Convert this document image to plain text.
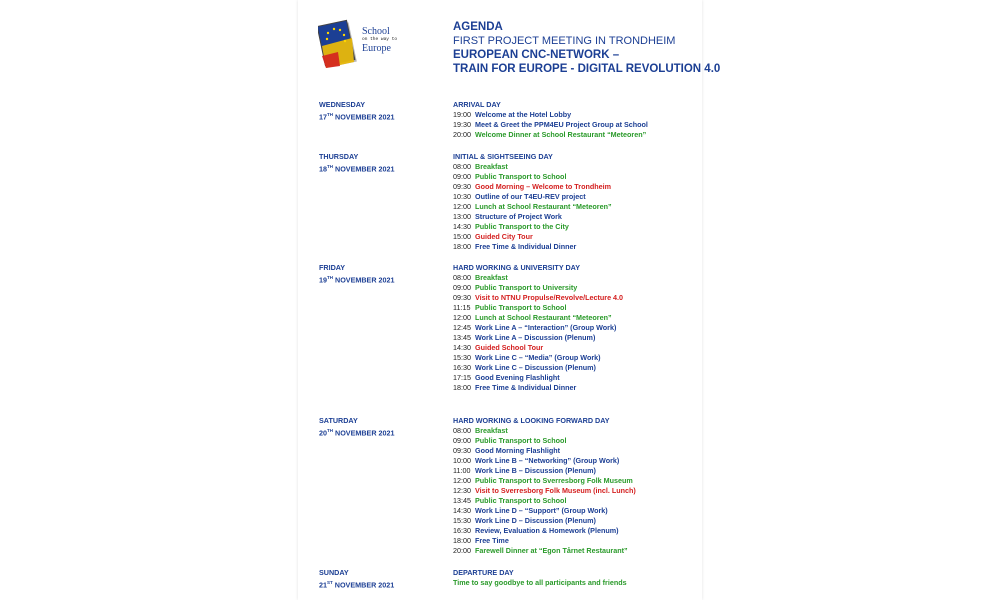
School
on the way to
Europe
AGENDA
FIRST PROJECT MEETING IN TRONDHEIM
EUROPEAN CNC-NETWORK –
TRAIN FOR EUROPE - DIGITAL REVOLUTION 4.0
WEDNESDAY
17TH NOVEMBER 2021
ARRIVAL DAY
19:00 Welcome at the Hotel Lobby
19:30 Meet & Greet the PPM4EU Project Group at School
20:00 Welcome Dinner at School Restaurant “Meteoren”
THURSDAY
18TH NOVEMBER 2021
INITIAL & SIGHTSEEING DAY
08:00 Breakfast
09:00 Public Transport to School
09:30 Good Morning – Welcome to Trondheim
10:30 Outline of our T4EU-REV project
12:00 Lunch at School Restaurant “Meteoren”
13:00 Structure of Project Work
14:30 Public Transport to the City
15:00 Guided City Tour
18:00 Free Time & Individual Dinner
FRIDAY
19TH NOVEMBER 2021
HARD WORKING & UNIVERSITY DAY
08:00 Breakfast
09:00 Public Transport to University
09:30 Visit to NTNU Propulse/Revolve/Lecture 4.0
11:15 Public Transport to School
12:00 Lunch at School Restaurant “Meteoren”
12:45 Work Line A – “Interaction” (Group Work)
13:45 Work Line A – Discussion (Plenum)
14:30 Guided School Tour
15:30 Work Line C – “Media” (Group Work)
16:30 Work Line C – Discussion (Plenum)
17:15 Good Evening Flashlight
18:00 Free Time & Individual Dinner
SATURDAY
20TH NOVEMBER 2021
HARD WORKING & LOOKING FORWARD DAY
08:00 Breakfast
09:00 Public Transport to School
09:30 Good Morning Flashlight
10:00 Work Line B – “Networking” (Group Work)
11:00 Work Line B – Discussion (Plenum)
12:00 Public Transport to Sverresborg Folk Museum
12:30 Visit to Sverresborg Folk Museum (incl. Lunch)
13:45 Public Transport to School
14:30 Work Line D – “Support” (Group Work)
15:30 Work Line D – Discussion (Plenum)
16:30 Review, Evaluation & Homework (Plenum)
18:00 Free Time
20:00 Farewell Dinner at “Egon Tårnet Restaurant”
SUNDAY
21ST NOVEMBER 2021
DEPARTURE DAY
Time to say goodbye to all participants and friends
